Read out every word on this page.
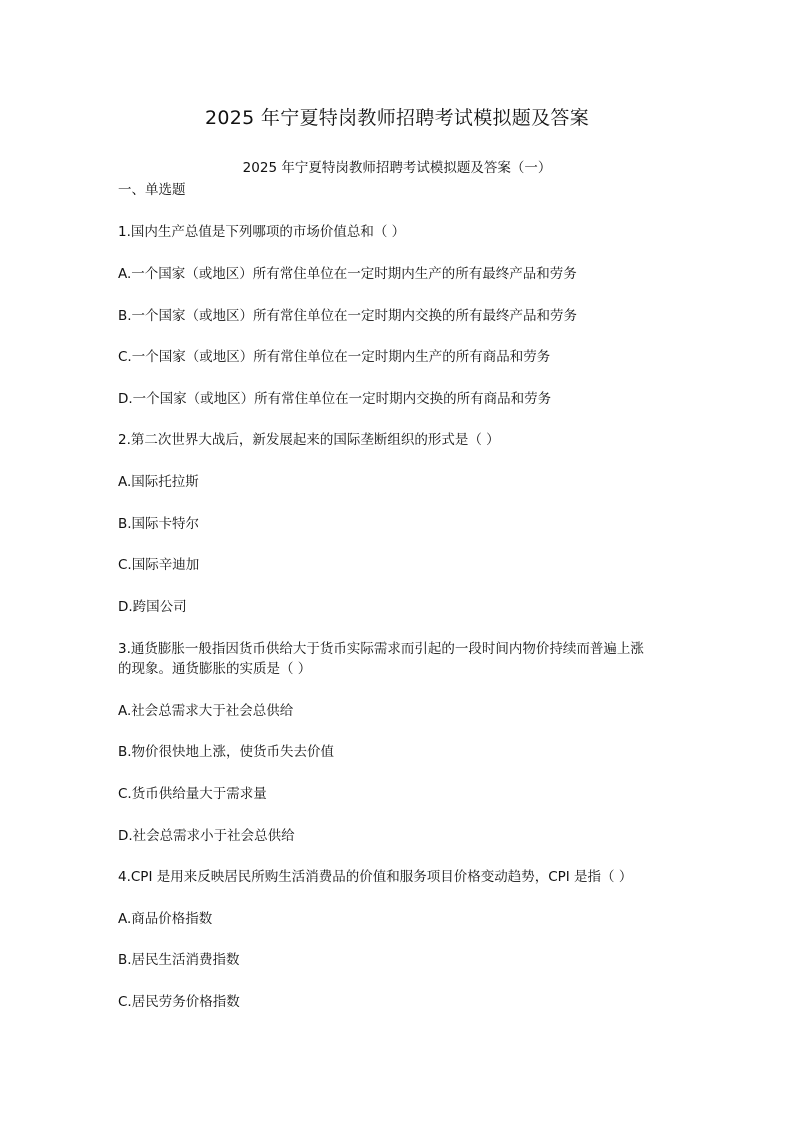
2025 年宁夏特岗教师招聘考试模拟题及答案
2025 年宁夏特岗教师招聘考试模拟题及答案（一）
一、单选题
1.国内生产总值是下列哪项的市场价值总和（ ）
A.一个国家（或地区）所有常住单位在一定时期内生产的所有最终产品和劳务
B.一个国家（或地区）所有常住单位在一定时期内交换的所有最终产品和劳务
C.一个国家（或地区）所有常住单位在一定时期内生产的所有商品和劳务
D.一个国家（或地区）所有常住单位在一定时期内交换的所有商品和劳务
2.第二次世界大战后，新发展起来的国际垄断组织的形式是（ ）
A.国际托拉斯
B.国际卡特尔
C.国际辛迪加
D.跨国公司
3.通货膨胀一般指因货币供给大于货币实际需求而引起的一段时间内物价持续而普遍上涨
的现象。通货膨胀的实质是（ ）
A.社会总需求大于社会总供给
B.物价很快地上涨，使货币失去价值
C.货币供给量大于需求量
D.社会总需求小于社会总供给
4.CPI 是用来反映居民所购生活消费品的价值和服务项目价格变动趋势，CPI 是指（ ）
A.商品价格指数
B.居民生活消费指数
C.居民劳务价格指数
